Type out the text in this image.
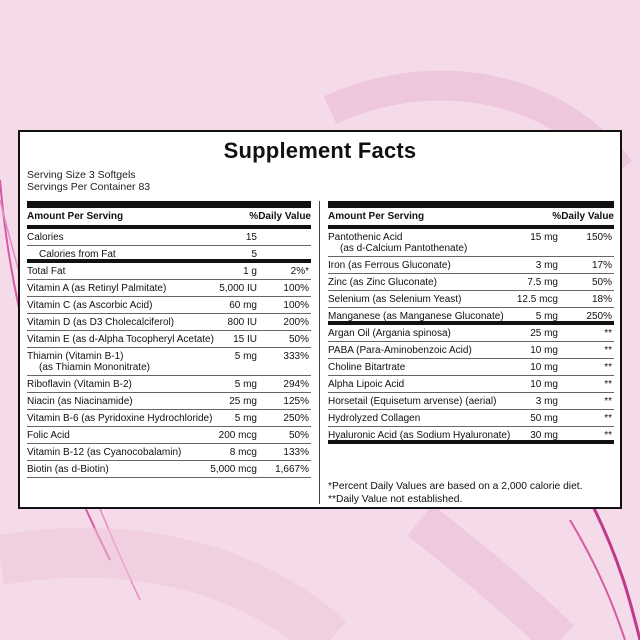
Supplement Facts
Serving Size 3 Softgels
Servings Per Container 83
Amount Per Serving	%Daily Value
Calories	15
Calories from Fat	5
Total Fat	1 g	2%*
Vitamin A (as Retinyl Palmitate)	5,000 IU	100%
Vitamin C (as Ascorbic Acid)	60 mg	100%
Vitamin D (as D3 Cholecalciferol)	800 IU	200%
Vitamin E (as d-Alpha Tocopheryl Acetate) 15 IU	50%
Thiamin (Vitamin B-1)
(as Thiamin Mononitrate)
5 mg	333%
Riboflavin (Vitamin B-2)	5 mg	294%
Niacin (as Niacinamide)	25 mg	125%
Vitamin B-6 (as Pyridoxine Hydrochloride) 5 mg	250%
Folic Acid	200 mcg	50%
Vitamin B-12 (as Cyanocobalamin)	8 mcg	133%
Biotin (as d-Biotin)	5,000 mcg 1,667%
Amount Per Serving	%Daily Value
Pantothenic Acid
(as d-Calcium Pantothenate)
15 mg	150%
Iron (as Ferrous Gluconate)	3 mg	17%
Zinc (as Zinc Gluconate)	7.5 mg	50%
Selenium (as Selenium Yeast)	12.5 mcg	18%
Manganese (as Manganese Gluconate)	5 mg	250%
Argan Oil (Argania spinosa)	25 mg	**
PABA (Para-Aminobenzoic Acid)	10 mg	**
Choline Bitartrate	10 mg	**
Alpha Lipoic Acid	10 mg	**
Horsetail (Equisetum arvense) (aerial)	3 mg	**
Hydrolyzed Collagen	50 mg	**
Hyaluronic Acid (as Sodium Hyaluronate) 30 mg	**
*Percent Daily Values are based on a 2,000 calorie diet.
**Daily Value not established.
